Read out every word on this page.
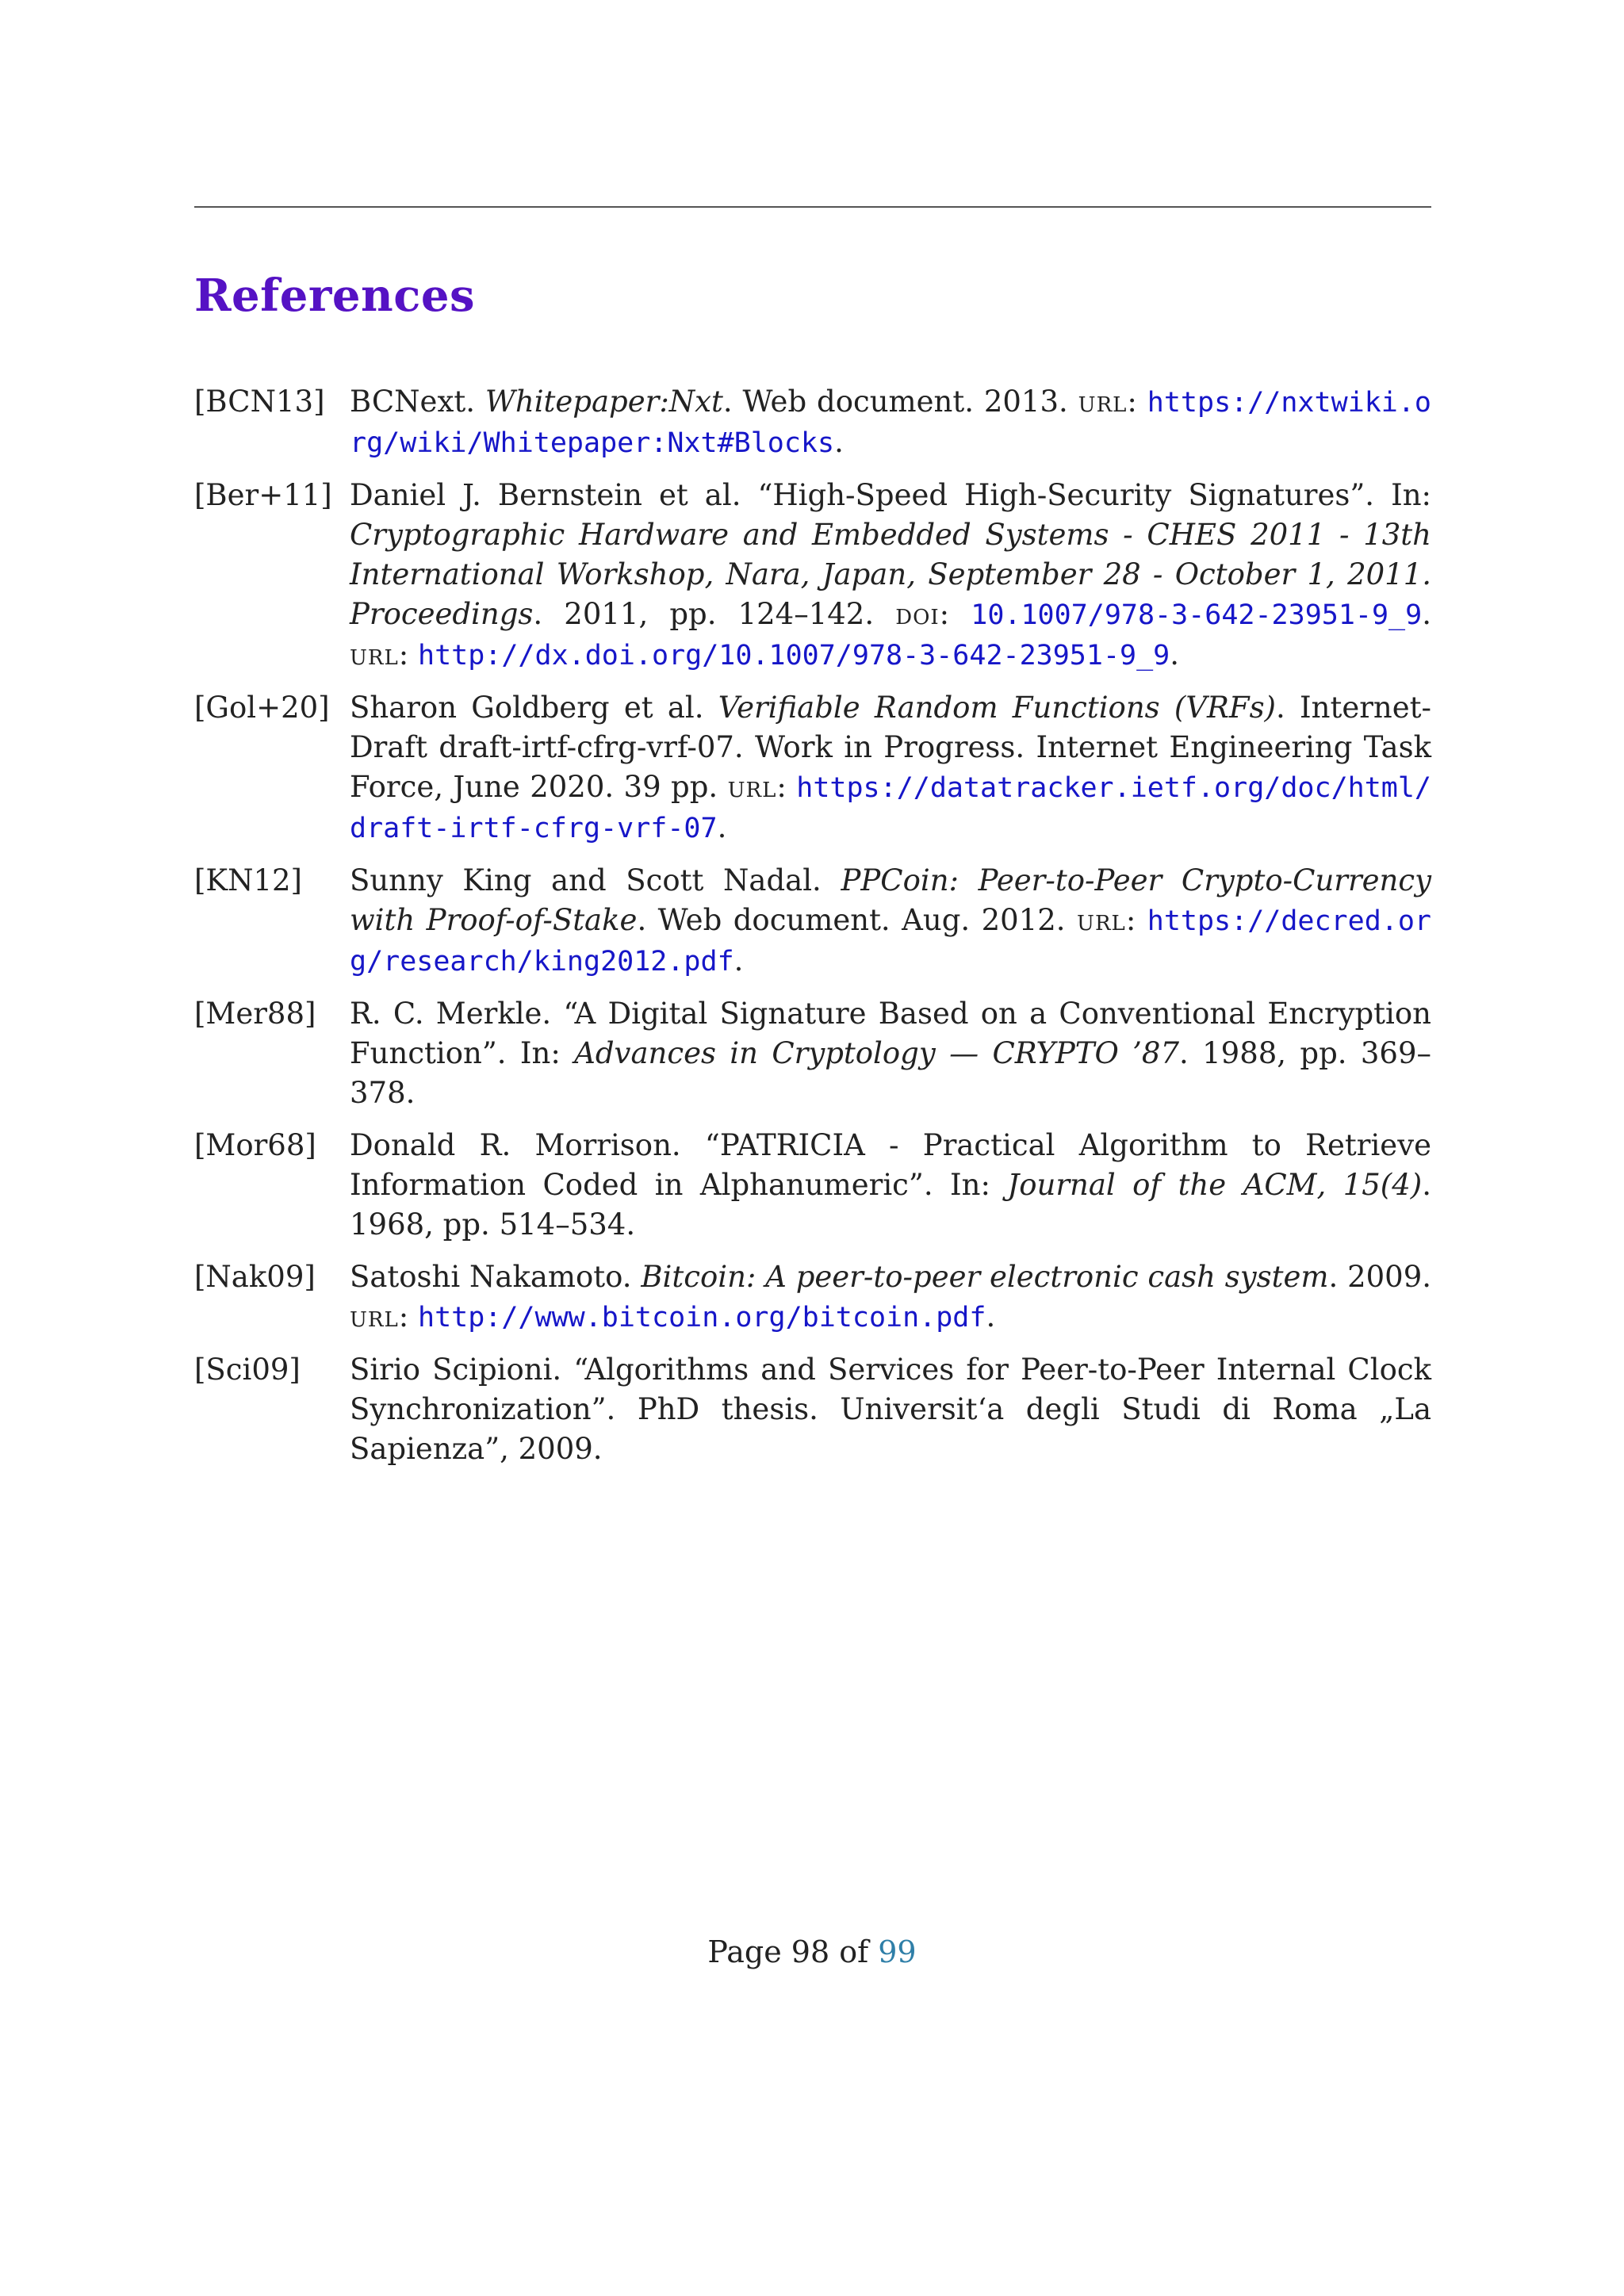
References
[BCN13] BCNext. Whitepaper:Nxt. Web document. 2013. url: https://nxtwiki.org/wiki/Whitepaper:Nxt#Blocks.
[Ber+11] Daniel J. Bernstein et al. “High-Speed High-Security Signatures”. In: Cryptographic Hardware and Embedded Systems - CHES 2011 - 13th International Workshop, Nara, Japan, September 28 - October 1, 2011. Proceedings. 2011, pp. 124–142. doi: 10.1007/978-3-642-23951-9_9. url: http://dx.doi.org/10.1007/978-3-642-23951-9_9.
[Gol+20] Sharon Goldberg et al. Verifiable Random Functions (VRFs). Internet-Draft draft-irtf-cfrg-vrf-07. Work in Progress. Internet Engineering Task Force, June 2020. 39 pp. url: https://datatracker.ietf.org/doc/html/draft-irtf-cfrg-vrf-07.
[KN12]	Sunny King and Scott Nadal. PPCoin: Peer-to-Peer Crypto-Currency with Proof-of-Stake. Web document. Aug. 2012. url: https://decred.org/research/king2012.pdf.
[Mer88]	R. C. Merkle. “A Digital Signature Based on a Conventional Encryption Function”. In: Advances in Cryptology — CRYPTO ’87. 1988, pp. 369–378.
[Mor68]	Donald R. Morrison. “PATRICIA - Practical Algorithm to Retrieve Information Coded in Alphanumeric”. In: Journal of the ACM, 15(4). 1968, pp. 514–534.
[Nak09]	Satoshi Nakamoto. Bitcoin: A peer-to-peer electronic cash system. 2009. url: http://www.bitcoin.org/bitcoin.pdf.
[Sci09]	Sirio Scipioni. “Algorithms and Services for Peer-to-Peer Internal Clock Synchronization”. PhD thesis. Universit‘a degli Studi di Roma „La Sapienza”, 2009.
Page 98 of 99
